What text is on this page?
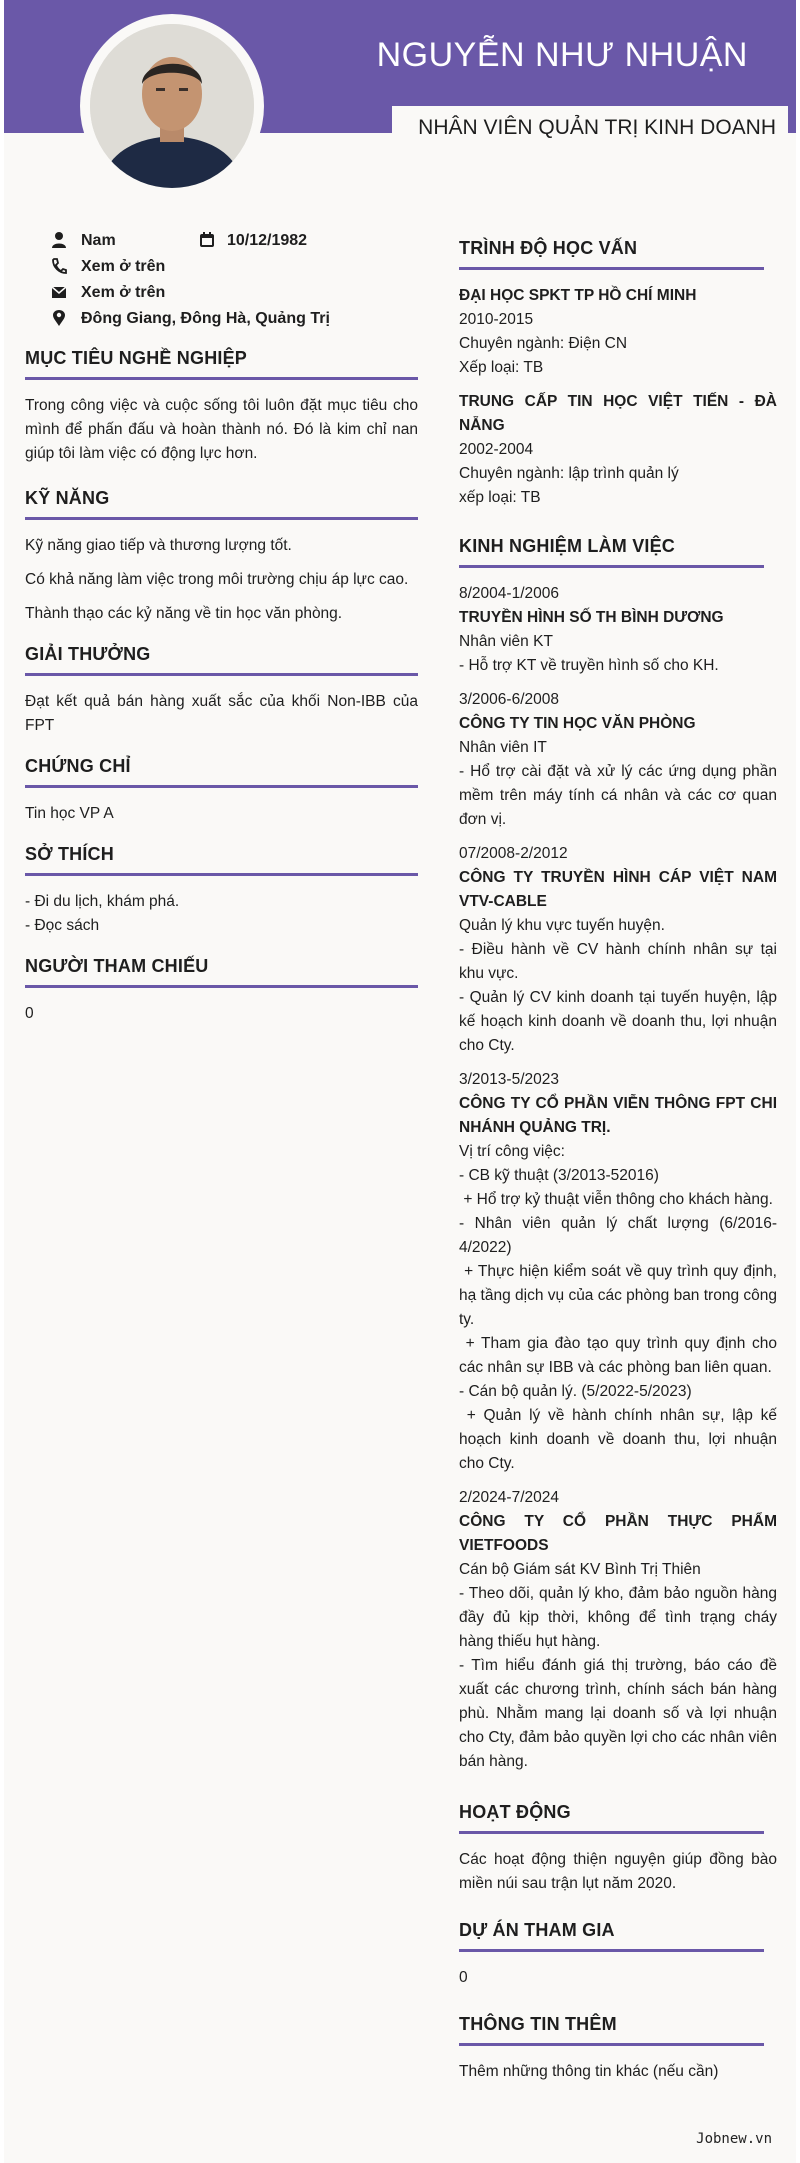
NGUYỄN NHƯ NHUẬN
NHÂN VIÊN QUẢN TRỊ KINH DOANH
Nam	10/12/1982
Xem ở trên
Xem ở trên
Đông Giang, Đông Hà, Quảng Trị
MỤC TIÊU NGHỀ NGHIỆP

Trong công việc và cuộc sống tôi luôn đặt mục tiêu cho mình để phấn đấu và hoàn thành nó. Đó là kim chỉ nan giúp tôi làm việc có động lực hơn.

KỸ NĂNG

Kỹ năng giao tiếp và thương lượng tốt.

Có khả năng làm việc trong môi trường chịu áp lực cao.

Thành thạo các kỷ năng về tin học văn phòng.

GIẢI THƯỞNG

Đạt kết quả bán hàng xuất sắc của khối Non-IBB của FPT

CHỨNG CHỈ

Tin học VP A

SỞ THÍCH
- Đi du lịch, khám phá.
- Đọc sách
NGƯỜI THAM CHIẾU

0

TRÌNH ĐỘ HỌC VẤN
ĐẠI HỌC SPKT TP HỒ CHÍ MINH
2010-2015
Chuyên ngành: Điện CN
Xếp loại: TB
TRUNG CẤP TIN HỌC VIỆT TIẾN - ĐÀ NẴNG
2002-2004
Chuyên ngành: lập trình quản lý
xếp loại: TB
KINH NGHIỆM LÀM VIỆC
8/2004-1/2006
TRUYỀN HÌNH SỐ TH BÌNH DƯƠNG
Nhân viên KT
- Hỗ trợ KT về truyền hình số cho KH.
3/2006-6/2008
CÔNG TY TIN HỌC VĂN PHÒNG
Nhân viên IT
- Hổ trợ cài đặt và xử lý các ứng dụng phần mềm trên máy tính cá nhân và các cơ quan đơn vị.
07/2008-2/2012
CÔNG TY TRUYỀN HÌNH CÁP VIỆT NAM VTV-CABLE
Quản lý khu vực tuyến huyện.
- Điều hành về CV hành chính nhân sự tại khu vực.
- Quản lý CV kinh doanh tại tuyến huyện, lập kế hoạch kinh doanh về doanh thu, lợi nhuận cho Cty.
3/2013-5/2023
CÔNG TY CỔ PHẦN VIỄN THÔNG FPT CHI NHÁNH QUẢNG TRỊ.
Vị trí công việc:
- CB kỹ thuật (3/2013-52016)
+ Hổ trợ kỷ thuật viễn thông cho khách hàng.
- Nhân viên quản lý chất lượng (6/2016-4/2022)
+ Thực hiện kiểm soát về quy trình quy định, hạ tầng dịch vụ của các phòng ban trong công ty.
+ Tham gia đào tạo quy trình quy định cho các nhân sự IBB và các phòng ban liên quan.
- Cán bộ quản lý. (5/2022-5/2023)
+ Quản lý về hành chính nhân sự, lập kế hoạch kinh doanh về doanh thu, lợi nhuận cho Cty.
2/2024-7/2024
CÔNG TY CỔ PHẦN THỰC PHẨM VIETFOODS
Cán bộ Giám sát KV Bình Trị Thiên
- Theo dõi, quản lý kho, đảm bảo nguồn hàng đầy đủ kịp thời, không để tình trạng cháy hàng thiếu hụt hàng.
- Tìm hiểu đánh giá thị trường, báo cáo đề xuất các chương trình, chính sách bán hàng phù. Nhằm mang lại doanh số và lợi nhuận cho Cty, đảm bảo quyền lợi cho các nhân viên bán hàng.
HOẠT ĐỘNG

Các hoạt động thiện nguyện giúp đồng bào miền núi sau trận lụt năm 2020.

DỰ ÁN THAM GIA

0

THÔNG TIN THÊM

Thêm những thông tin khác (nếu cần)

Jobnew.vn
